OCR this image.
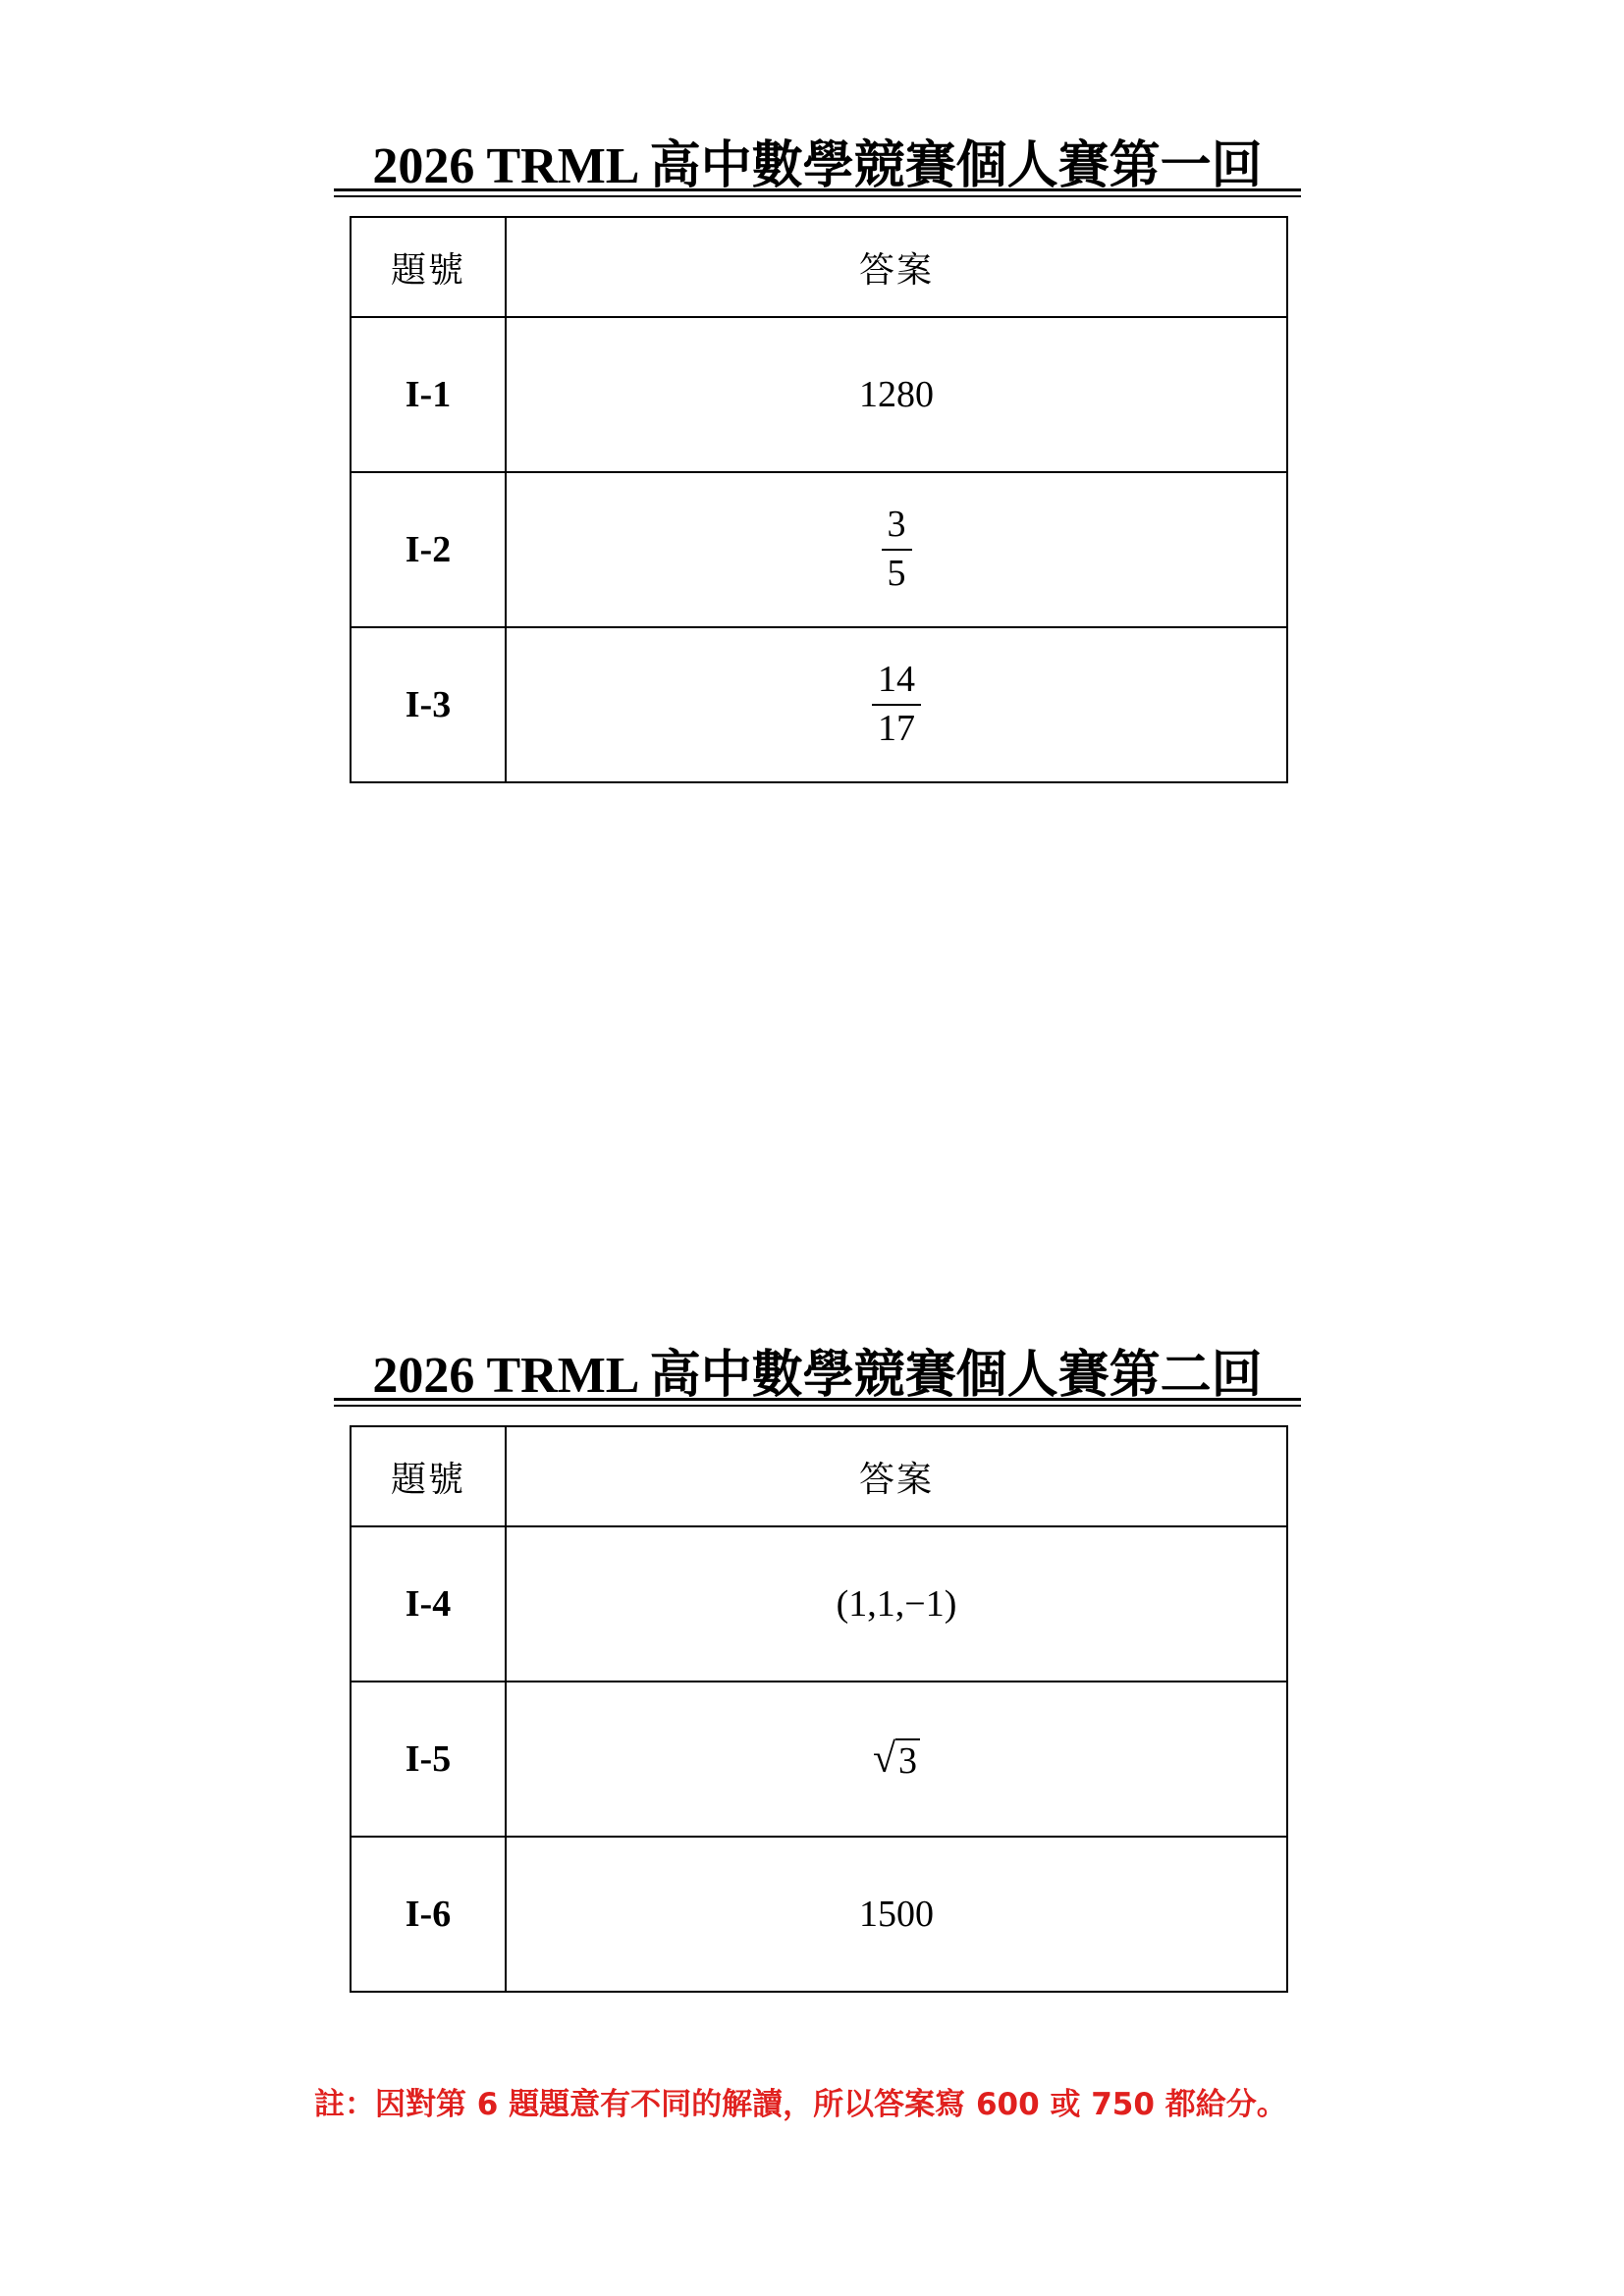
2026 TRML 高中數學競賽個人賽第一回
題號	答案
I-1	1280
I-2	$\frac{3}{5}$

I-3	$\frac{14}{17}$
2026 TRML 高中數學競賽個人賽第二回
題號	答案
I-4	(1,1,−1)
I-5	√ 3

I-6	1500
註：因對第 6 題題意有不同的解讀，所以答案寫 600 或 750 都給分。
